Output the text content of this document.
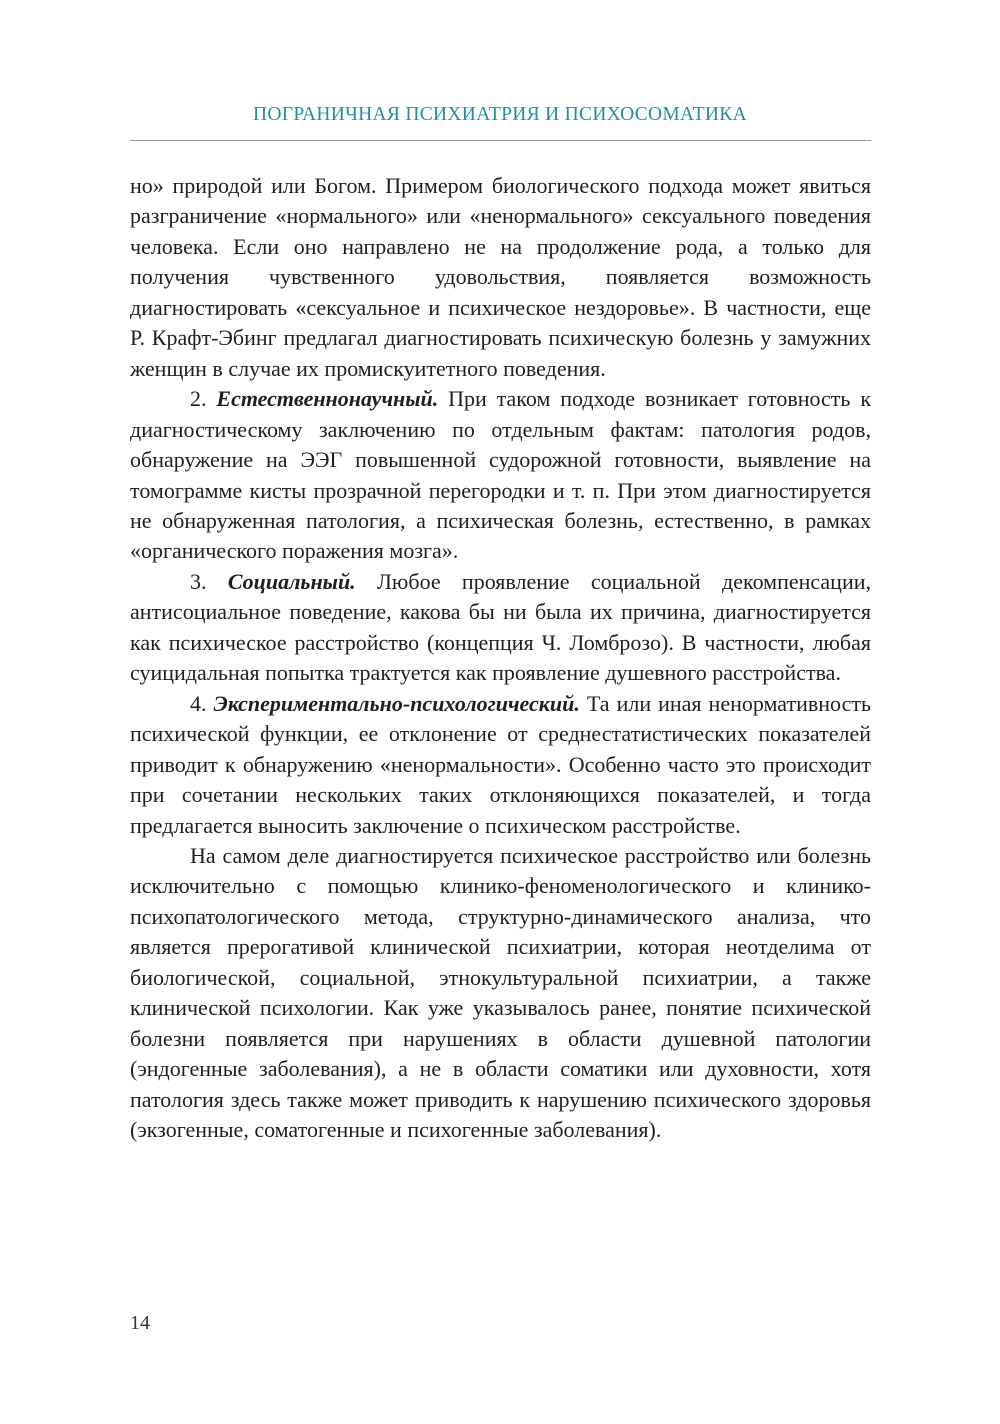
ПОГРАНИЧНАЯ ПСИХИАТРИЯ И ПСИХОСОМАТИКА

но» природой или Богом. Примером биологического подхода может явиться разграничение «нормального» или «ненормального» сексуального поведения человека. Если оно направлено не на продолжение рода, а только для получения чувственного удовольствия, появляется возможность диагностировать «сексуальное и психическое нездоровье». В частности, еще Р. Крафт-Эбинг предлагал диагностировать психическую болезнь у замужних женщин в случае их промискуитетного поведения.

2. Естественнонаучный. При таком подходе возникает готовность к диагностическому заключению по отдельным фактам: патология родов, обнаружение на ЭЭГ повышенной судорожной готовности, выявление на томограмме кисты прозрачной перегородки и т. п. При этом диагностируется не обнаруженная патология, а психическая болезнь, естественно, в рамках «органического поражения мозга».

3. Социальный. Любое проявление социальной декомпенсации, антисоциальное поведение, какова бы ни была их причина, диагностируется как психическое расстройство (концепция Ч. Ломброзо). В частности, любая суицидальная попытка трактуется как проявление душевного расстройства.

4. Экспериментально-психологический. Та или иная ненормативность психической функции, ее отклонение от среднестатистических показателей приводит к обнаружению «ненормальности». Особенно часто это происходит при сочетании нескольких таких отклоняющихся показателей, и тогда предлагается выносить заключение о психическом расстройстве.

На самом деле диагностируется психическое расстройство или болезнь исключительно с помощью клинико-феноменологического и клинико-психопатологического метода, структурно-динамического анализа, что является прерогативой клинической психиатрии, которая неотделима от биологической, социальной, этнокультуральной психиатрии, а также клинической психологии. Как уже указывалось ранее, понятие психической болезни появляется при нарушениях в области душевной патологии (эндогенные заболевания), а не в области соматики или духовности, хотя патология здесь также может приводить к нарушению психического здоровья (экзогенные, соматогенные и психогенные заболевания).

14
